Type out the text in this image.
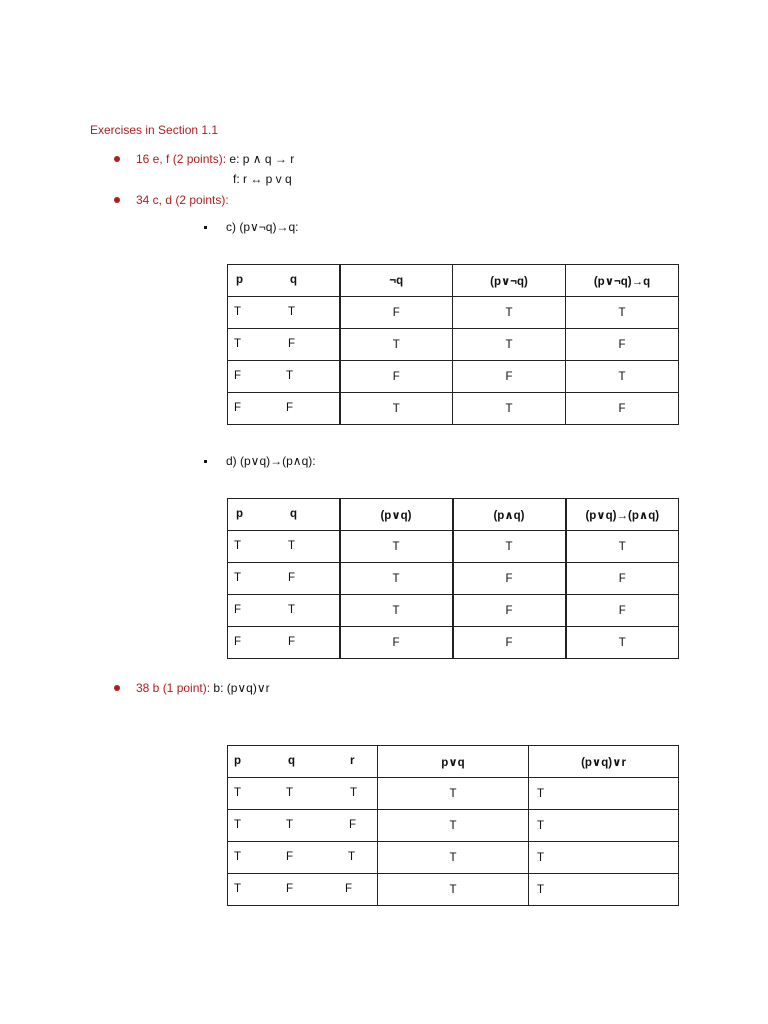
Exercises in Section 1.1
16 e, f (2 points): e: p ∧ q → r
f: r ↔ p v q
34 c, d (2 points):
c) (p∨¬q)→q:
p q	¬q	(p∨¬q)	(p∨¬q)→q

T T	F	T	T

T F	T	T	F

F T	F	F	T

F F	T	T	F
d) (p∨q)→(p∧q):
p q	(p∨q)	(p∧q)	(p∨q)→(p∧q)

T T	T	T	T

T F	T	F	F

F T	T	F	F

F F	F	F	T
38 b (1 point): b: (p∨q)∨r
p q r	p∨q	(p∨q)∨r

T T T	T	T

T T F	T	T

T F T	T	T

T F F	T	T
